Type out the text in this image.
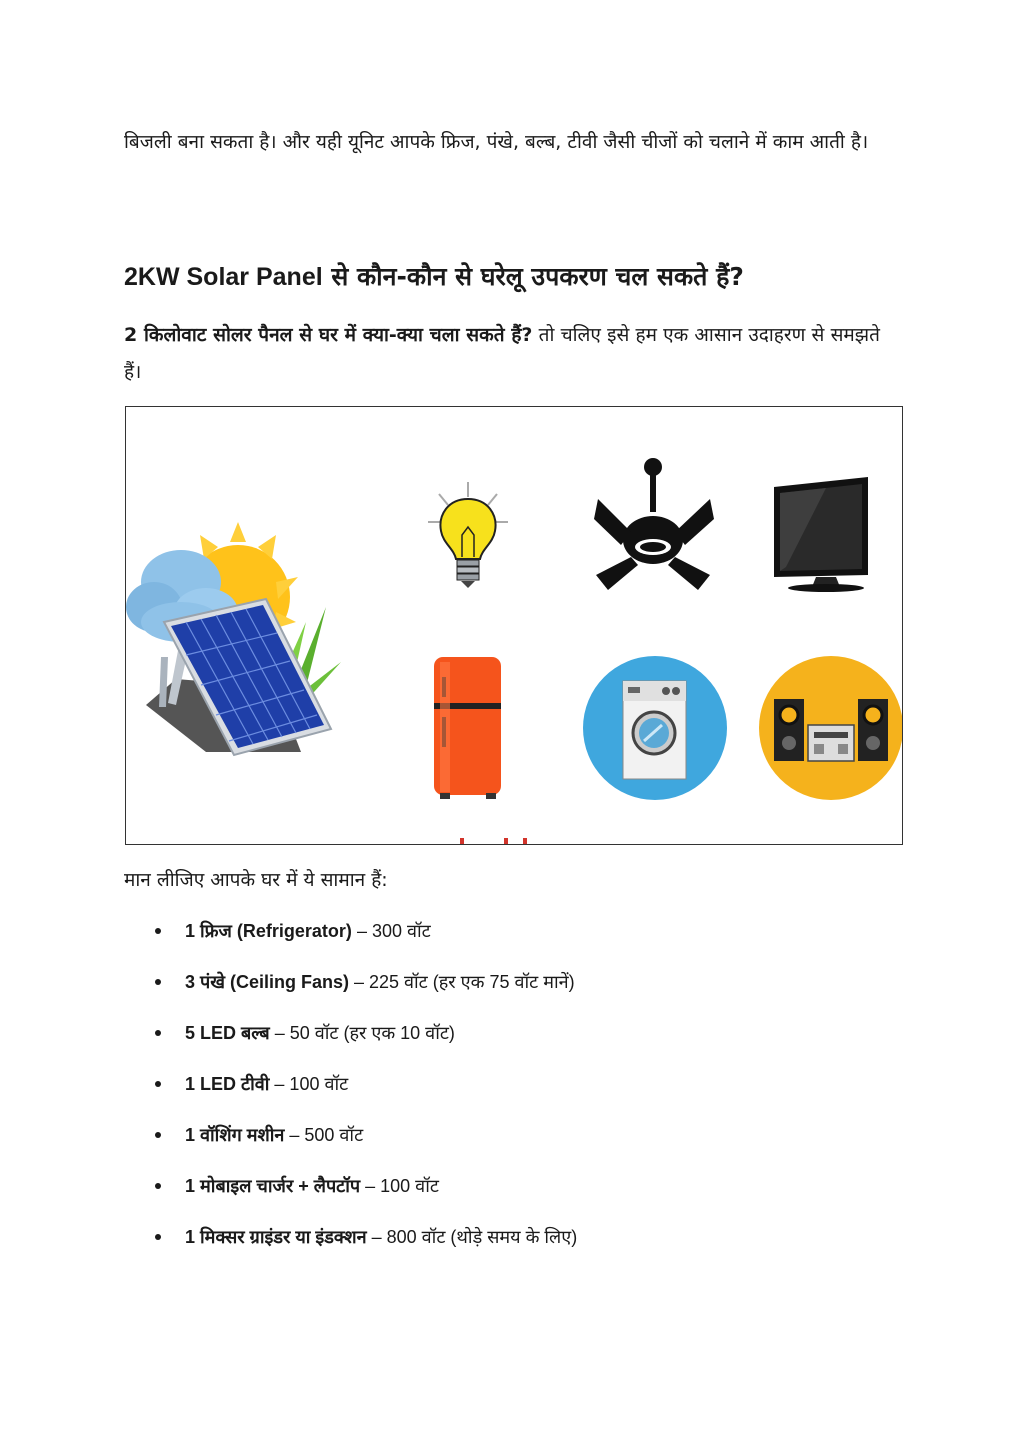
बिजली बना सकता है। और यही यूनिट आपके फ्रिज, पंखे, बल्ब, टीवी जैसी चीजों को चलाने में काम आती है।

2KW Solar Panel से कौन-कौन से घरेलू उपकरण चल सकते हैं?

2 किलोवाट सोलर पैनल से घर में क्या-क्या चला सकते हैं? तो चलिए इसे हम एक आसान उदाहरण से समझते हैं।

मान लीजिए आपके घर में ये सामान हैं:

1 फ्रिज (Refrigerator) – 300 वॉट
3 पंखे (Ceiling Fans) – 225 वॉट (हर एक 75 वॉट मानें)
5 LED बल्ब – 50 वॉट (हर एक 10 वॉट)
1 LED टीवी – 100 वॉट
1 वॉशिंग मशीन – 500 वॉट
1 मोबाइल चार्जर + लैपटॉप – 100 वॉट
1 मिक्सर ग्राइंडर या इंडक्शन – 800 वॉट (थोड़े समय के लिए)
